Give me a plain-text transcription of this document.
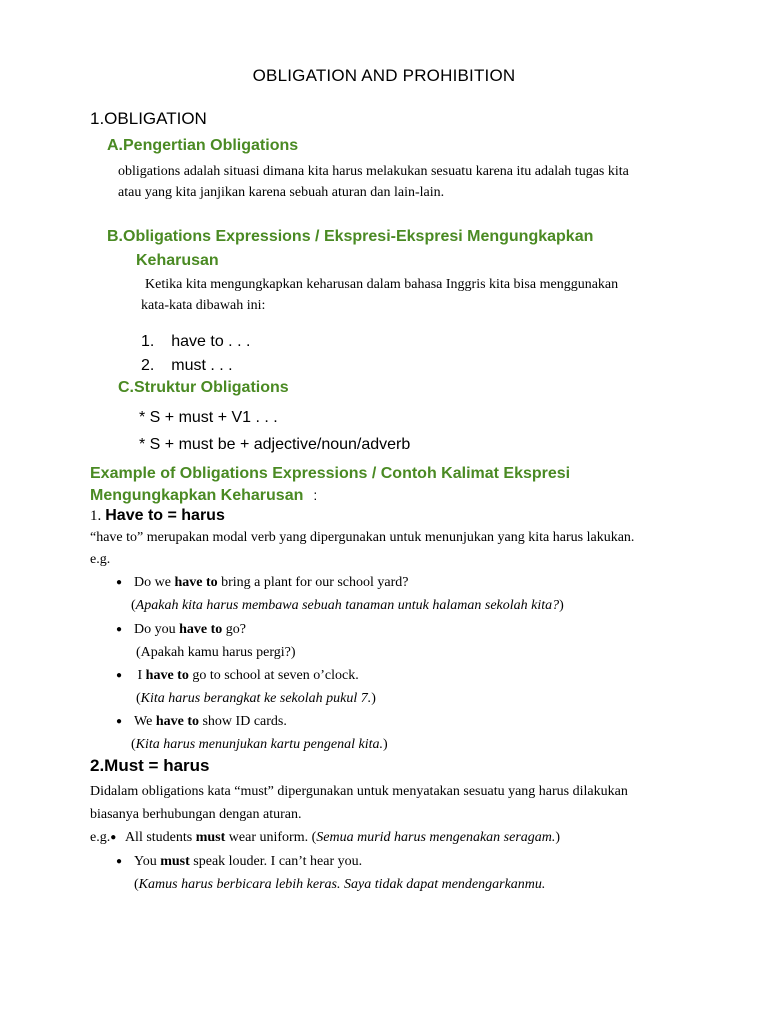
OBLIGATION AND PROHIBITION
1.OBLIGATION
A.Pengertian Obligations
obligations adalah situasi dimana kita harus melakukan sesuatu karena itu adalah tugas kita
atau yang kita janjikan karena sebuah aturan dan lain-lain.
B.Obligations Expressions / Ekspresi-Ekspresi Mengungkapkan
Keharusan
Ketika kita mengungkapkan keharusan dalam bahasa Inggris kita bisa menggunakan
kata-kata dibawah ini:
1. have to . . .
2. must . . .
C.Struktur Obligations
* S + must + V1 . . .
* S + must be + adjective/noun/adverb
Example of Obligations Expressions / Contoh Kalimat Ekspresi
Mengungkapkan Keharusan :
1. Have to = harus
“have to” merupakan modal verb yang dipergunakan untuk menunjukan yang kita harus lakukan.
e.g.
● Do we have to bring a plant for our school yard?
(Apakah kita harus membawa sebuah tanaman untuk halaman sekolah kita?)
● Do you have to go?
(Apakah kamu harus pergi?)
● I have to go to school at seven o’clock.
(Kita harus berangkat ke sekolah pukul 7.)
● We have to show ID cards.
(Kita harus menunjukan kartu pengenal kita.)
2.Must = harus
Didalam obligations kata “must” dipergunakan untuk menyatakan sesuatu yang harus dilakukan
biasanya berhubungan dengan aturan.
e.g.● All students must wear uniform. (Semua murid harus mengenakan seragam.)
● You must speak louder. I can’t hear you.
(Kamus harus berbicara lebih keras. Saya tidak dapat mendengarkanmu.
